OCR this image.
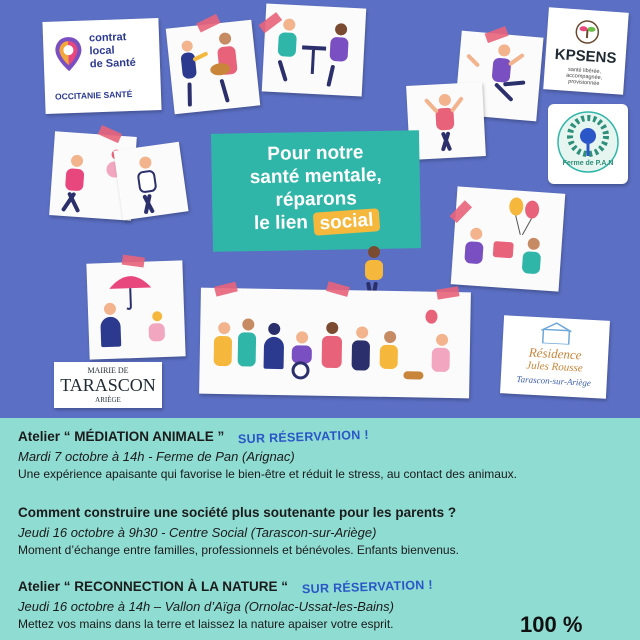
contrat
local
de Santé
OCCITANIE SANTÉ
KPSENS
santé libérée, accompagnée, provisionnée
Ferme de P.A.N
Pour notre
santé mentale,
réparons
le lien social
MAIRIE DE
TARASCON
ARIÈGE
Résidence
Jules Rousse
Tarascon-sur-Ariège
Atelier “ MÉDIATION ANIMALE ” SUR RÉSERVATION !
Mardi 7 octobre à 14h - Ferme de Pan (Arignac)
Une expérience apaisante qui favorise le bien-être et réduit le stress, au contact des animaux.
Comment construire une société plus soutenante pour les parents ?
Jeudi 16 octobre à 9h30 - Centre Social (Tarascon-sur-Ariège)
Moment d’échange entre familles, professionnels et bénévoles. Enfants bienvenus.
Atelier “ RECONNECTION À LA NATURE “ SUR RÉSERVATION !
Jeudi 16 octobre à 14h – Vallon d’Aïga (Ornolac-Ussat-les-Bains)
Mettez vos mains dans la terre et laissez la nature apaiser votre esprit.	100 %
